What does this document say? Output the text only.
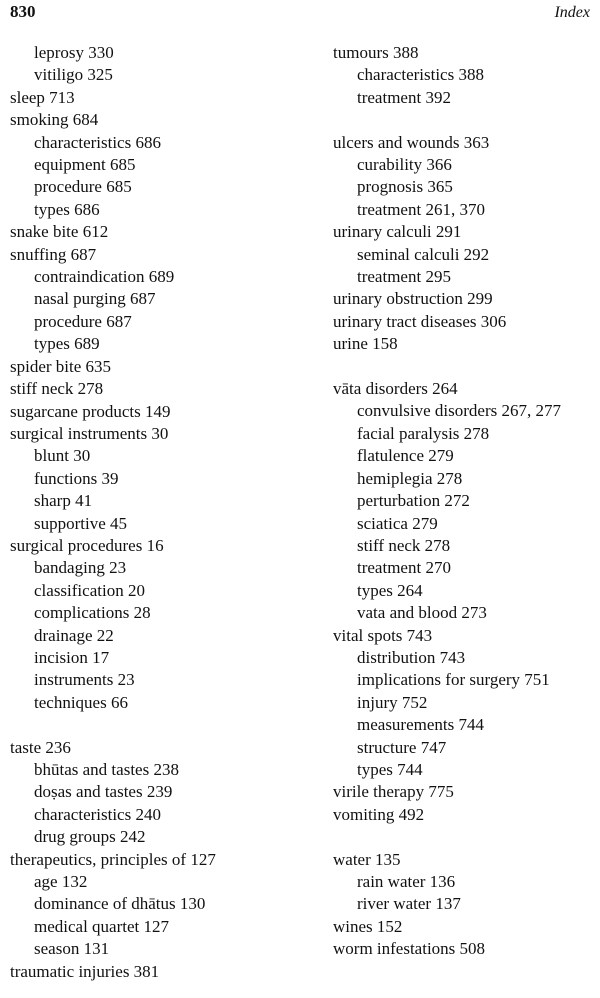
830	Index
leprosy 330
vitiligo 325
sleep 713
smoking 684
characteristics 686
equipment 685
procedure 685
types 686
snake bite 612
snuffing 687
contraindication 689
nasal purging 687
procedure 687
types 689
spider bite 635
stiff neck 278
sugarcane products 149
surgical instruments 30
blunt 30
functions 39
sharp 41
supportive 45
surgical procedures 16
bandaging 23
classification 20
complications 28
drainage 22
incision 17
instruments 23
techniques 66
taste 236
bhūtas and tastes 238
doṣas and tastes 239
characteristics 240
drug groups 242
therapeutics, principles of 127
age 132
dominance of dhātus 130
medical quartet 127
season 131
traumatic injuries 381
tumours 388
characteristics 388
treatment 392
ulcers and wounds 363
curability 366
prognosis 365
treatment 261, 370
urinary calculi 291
seminal calculi 292
treatment 295
urinary obstruction 299
urinary tract diseases 306
urine 158
vāta disorders 264
convulsive disorders 267, 277
facial paralysis 278
flatulence 279
hemiplegia 278
perturbation 272
sciatica 279
stiff neck 278
treatment 270
types 264
vata and blood 273
vital spots 743
distribution 743
implications for surgery 751
injury 752
measurements 744
structure 747
types 744
virile therapy 775
vomiting 492
water 135
rain water 136
river water 137
wines 152
worm infestations 508
